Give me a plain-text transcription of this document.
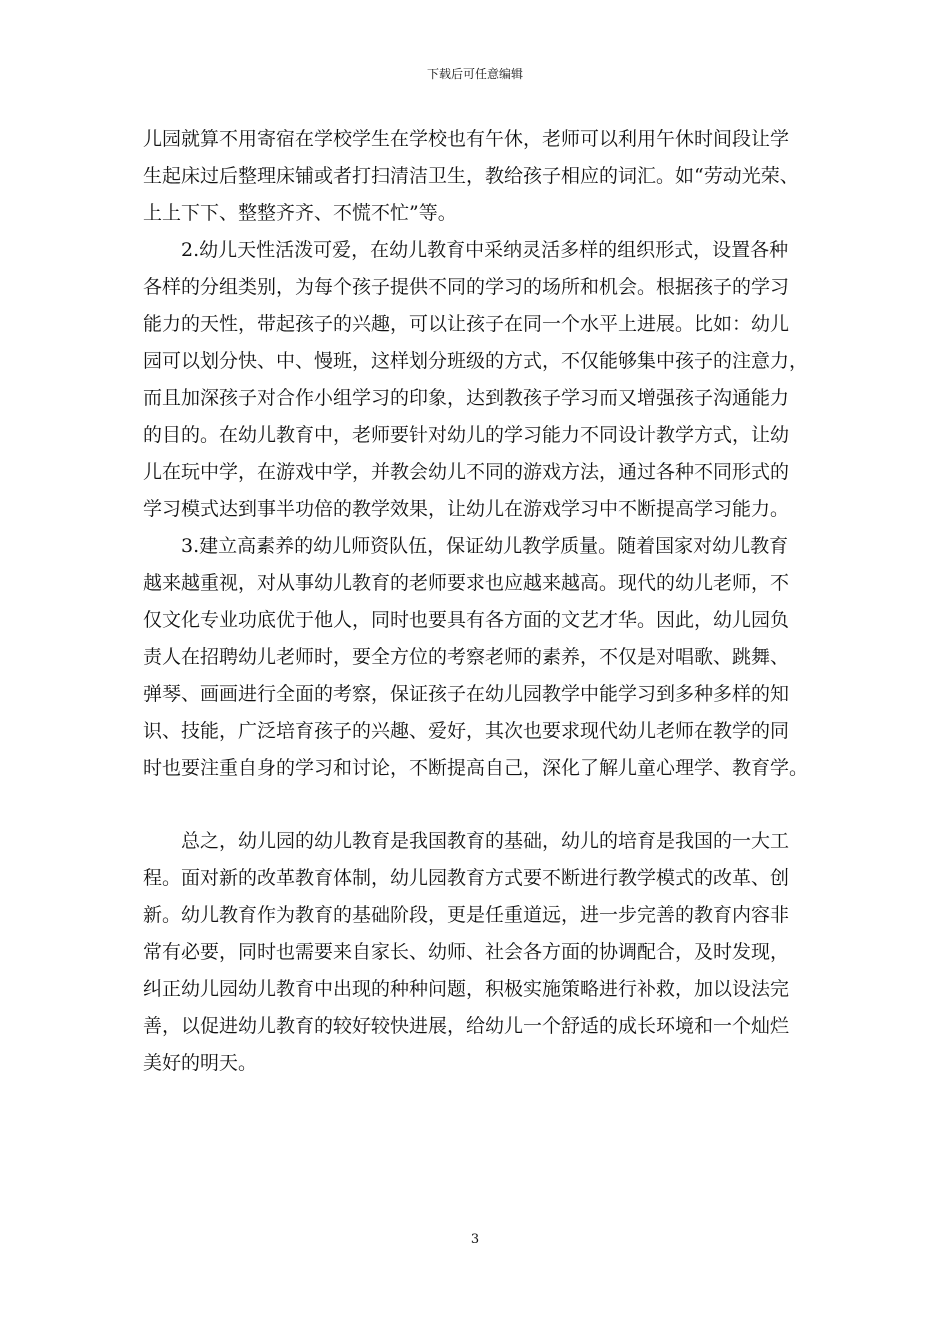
下载后可任意编辑
儿园就算不用寄宿在学校学生在学校也有午休，老师可以利用午休时间段让学
生起床过后整理床铺或者打扫清洁卫生，教给孩子相应的词汇。如“劳动光荣、
上上下下、整整齐齐、不慌不忙”等。
　　2.幼儿天性活泼可爱，在幼儿教育中采纳灵活多样的组织形式，设置各种
各样的分组类别，为每个孩子提供不同的学习的场所和机会。根据孩子的学习
能力的天性，带起孩子的兴趣，可以让孩子在同一个水平上进展。比如：幼儿
园可以划分快、中、慢班，这样划分班级的方式，不仅能够集中孩子的注意力，
而且加深孩子对合作小组学习的印象，达到教孩子学习而又增强孩子沟通能力
的目的。在幼儿教育中，老师要针对幼儿的学习能力不同设计教学方式，让幼
儿在玩中学，在游戏中学，并教会幼儿不同的游戏方法，通过各种不同形式的
学习模式达到事半功倍的教学效果，让幼儿在游戏学习中不断提高学习能力。
　　3.建立高素养的幼儿师资队伍，保证幼儿教学质量。随着国家对幼儿教育
越来越重视，对从事幼儿教育的老师要求也应越来越高。现代的幼儿老师，不
仅文化专业功底优于他人，同时也要具有各方面的文艺才华。因此，幼儿园负
责人在招聘幼儿老师时，要全方位的考察老师的素养，不仅是对唱歌、跳舞、
弹琴、画画进行全面的考察，保证孩子在幼儿园教学中能学习到多种多样的知
识、技能，广泛培育孩子的兴趣、爱好，其次也要求现代幼儿老师在教学的同
时也要注重自身的学习和讨论，不断提高自己，深化了解儿童心理学、教育学。
　　总之，幼儿园的幼儿教育是我国教育的基础，幼儿的培育是我国的一大工
程。面对新的改革教育体制，幼儿园教育方式要不断进行教学模式的改革、创
新。幼儿教育作为教育的基础阶段，更是任重道远，进一步完善的教育内容非
常有必要，同时也需要来自家长、幼师、社会各方面的协调配合，及时发现，
纠正幼儿园幼儿教育中出现的种种问题，积极实施策略进行补救，加以设法完
善，以促进幼儿教育的较好较快进展，给幼儿一个舒适的成长环境和一个灿烂
美好的明天。
3
